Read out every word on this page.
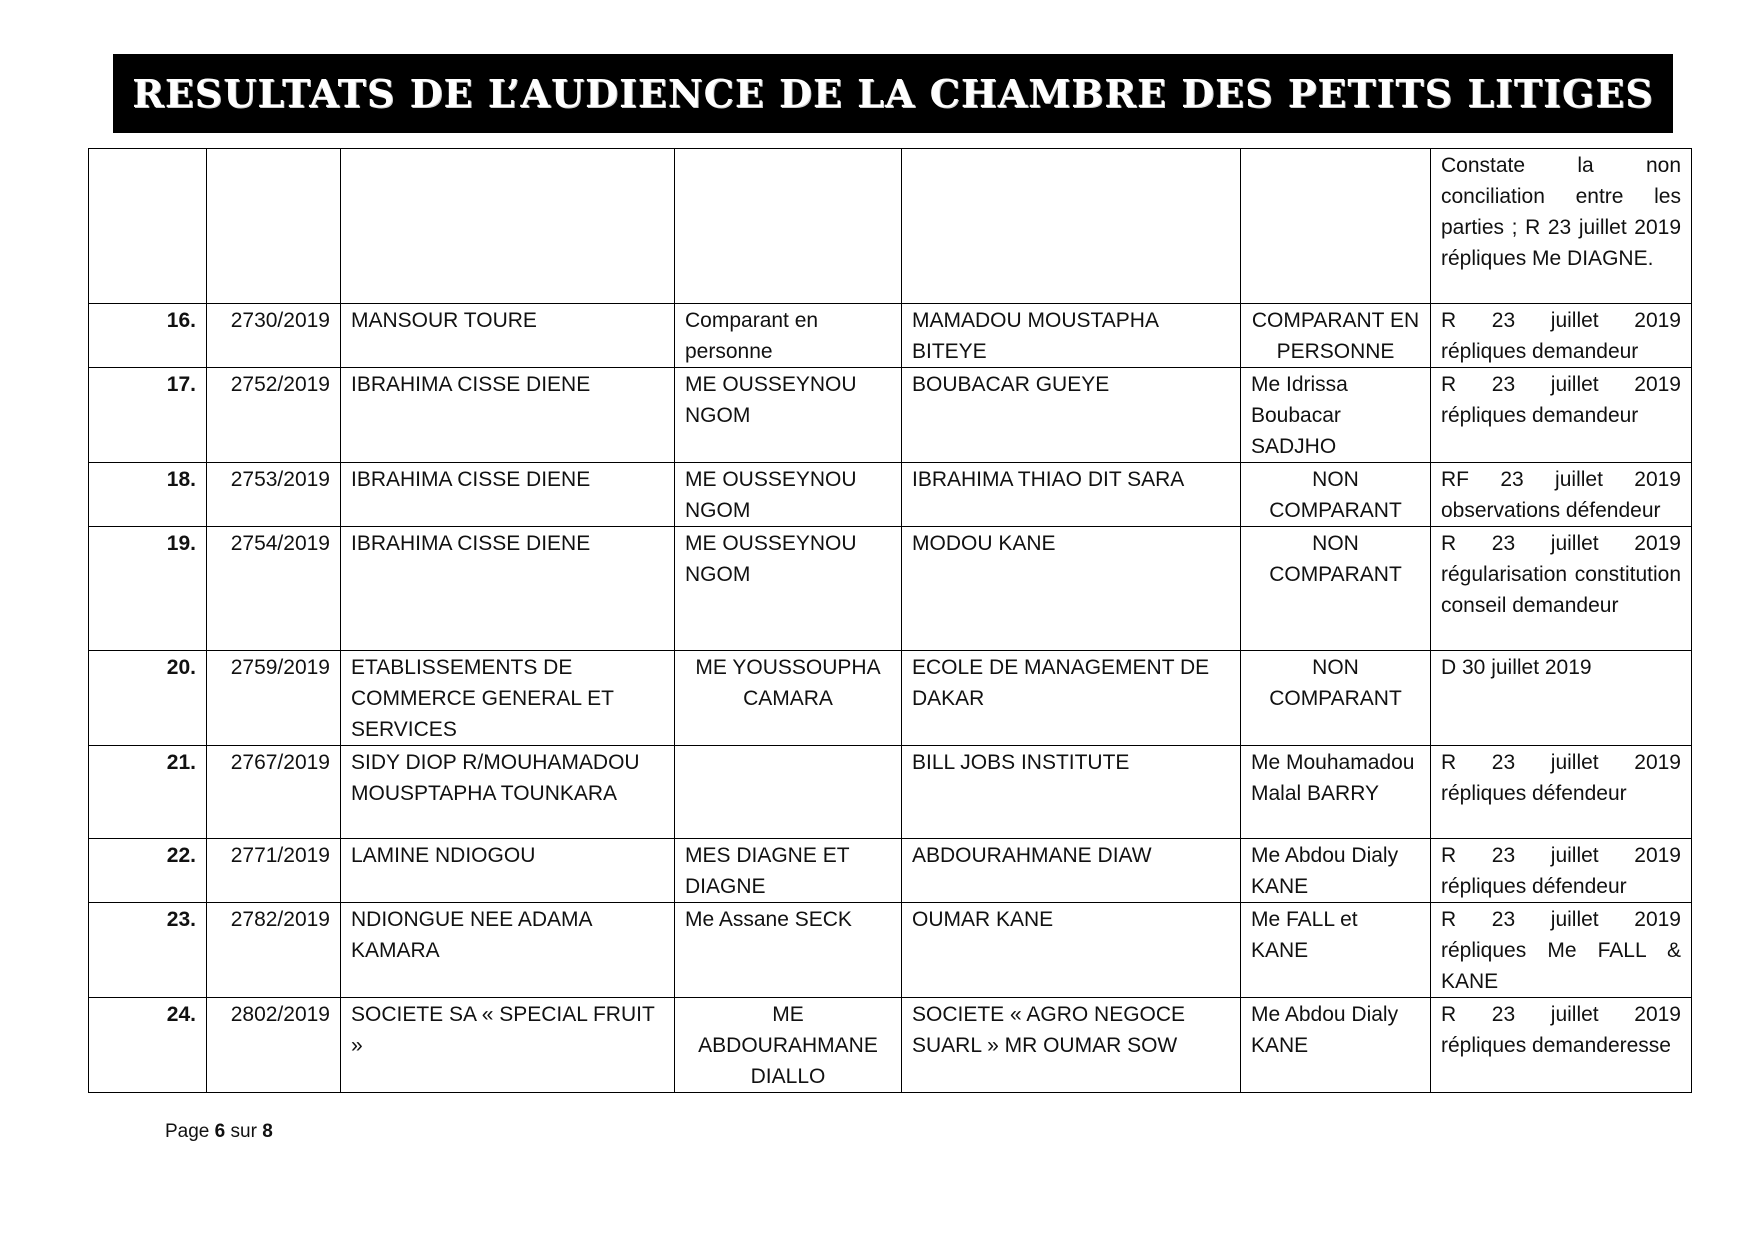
RESULTATS DE L’AUDIENCE DE LA CHAMBRE DES PETITS LITIGES
						Constate la non conciliation entre les parties ; R 23 juillet 2019 répliques Me DIAGNE.
16.	2730/2019	MANSOUR TOURE	Comparant en personne	MAMADOU MOUSTAPHA BITEYE	COMPARANT EN PERSONNE	R 23 juillet 2019 répliques demandeur
17.	2752/2019	IBRAHIMA CISSE DIENE	ME OUSSEYNOU NGOM	BOUBACAR GUEYE	Me Idrissa Boubacar SADJHO	R 23 juillet 2019 répliques demandeur
18.	2753/2019	IBRAHIMA CISSE DIENE	ME OUSSEYNOU NGOM	IBRAHIMA THIAO DIT SARA	NON COMPARANT	RF 23 juillet 2019 observations défendeur
19.	2754/2019	IBRAHIMA CISSE DIENE	ME OUSSEYNOU NGOM	MODOU KANE	NON COMPARANT	R 23 juillet 2019 régularisation constitution conseil demandeur
20.	2759/2019	ETABLISSEMENTS DE COMMERCE GENERAL ET SERVICES	ME YOUSSOUPHA CAMARA	ECOLE DE MANAGEMENT DE DAKAR	NON COMPARANT	D 30 juillet 2019
21.	2767/2019	SIDY DIOP R/MOUHAMADOU MOUSPTAPHA TOUNKARA		BILL JOBS INSTITUTE	Me Mouhamadou Malal BARRY	R 23 juillet 2019 répliques défendeur
22.	2771/2019	LAMINE NDIOGOU	MES DIAGNE ET DIAGNE	ABDOURAHMANE DIAW	Me Abdou Dialy KANE	R 23 juillet 2019 répliques défendeur
23.	2782/2019	NDIONGUE NEE ADAMA KAMARA	Me Assane SECK	OUMAR KANE	Me FALL et KANE	R 23 juillet 2019 répliques Me FALL & KANE
24.	2802/2019	SOCIETE SA « SPECIAL FRUIT »	ME ABDOURAHMANE DIALLO	SOCIETE « AGRO NEGOCE SUARL » MR OUMAR SOW	Me Abdou Dialy KANE	R 23 juillet 2019 répliques demanderesse
Page 6 sur 8
